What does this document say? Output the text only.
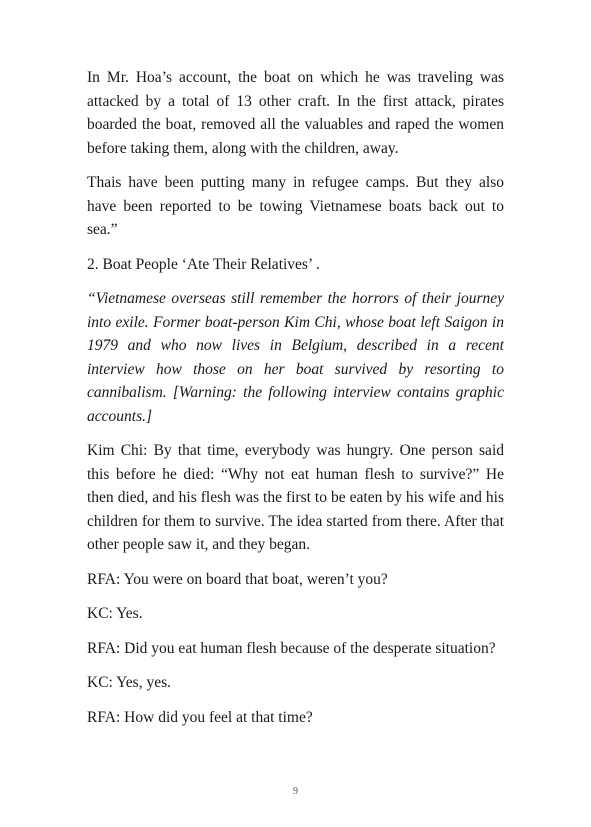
In Mr. Hoa’s account, the boat on which he was traveling was attacked by a total of 13 other craft. In the first attack, pirates boarded the boat, removed all the valuables and raped the women before taking them, along with the children, away.

Thais have been putting many in refugee camps. But they also have been reported to be towing Vietnamese boats back out to sea.”

2. Boat People ‘Ate Their Relatives’ .

“Vietnamese overseas still remember the horrors of their journey into exile. Former boat-person Kim Chi, whose boat left Saigon in 1979 and who now lives in Belgium, described in a recent interview how those on her boat survived by resorting to cannibalism. [Warning: the following interview contains graphic accounts.]

Kim Chi: By that time, everybody was hungry. One person said this before he died: “Why not eat human flesh to survive?” He then died, and his flesh was the first to be eaten by his wife and his children for them to survive. The idea started from there. After that other people saw it, and they began.

RFA: You were on board that boat, weren’t you?

KC: Yes.

RFA: Did you eat human flesh because of the desperate situation?

KC: Yes, yes.

RFA: How did you feel at that time?

9
